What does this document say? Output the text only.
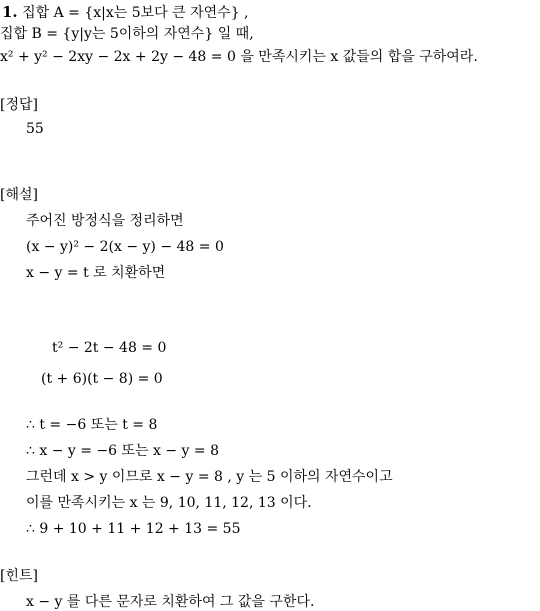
1. 집합 A = {x|x는 5보다 큰 자연수} ,
집합 B = {y|y는 5이하의 자연수} 일 때,
x² + y² − 2xy − 2x + 2y − 48 = 0 을 만족시키는 x 값들의 합을 구하여라.
[정답]
55
[해설]
주어진 방정식을 정리하면
(x − y)² − 2(x − y) − 48 = 0
x − y = t 로 치환하면
t² − 2t − 48 = 0
(t + 6)(t − 8) = 0
∴ t = −6 또는 t = 8
∴ x − y = −6 또는 x − y = 8
그런데 x > y 이므로 x − y = 8 , y 는 5 이하의 자연수이고
이를 만족시키는 x 는 9, 10, 11, 12, 13 이다.
∴ 9 + 10 + 11 + 12 + 13 = 55
[힌트]
x − y 를 다른 문자로 치환하여 그 값을 구한다.
